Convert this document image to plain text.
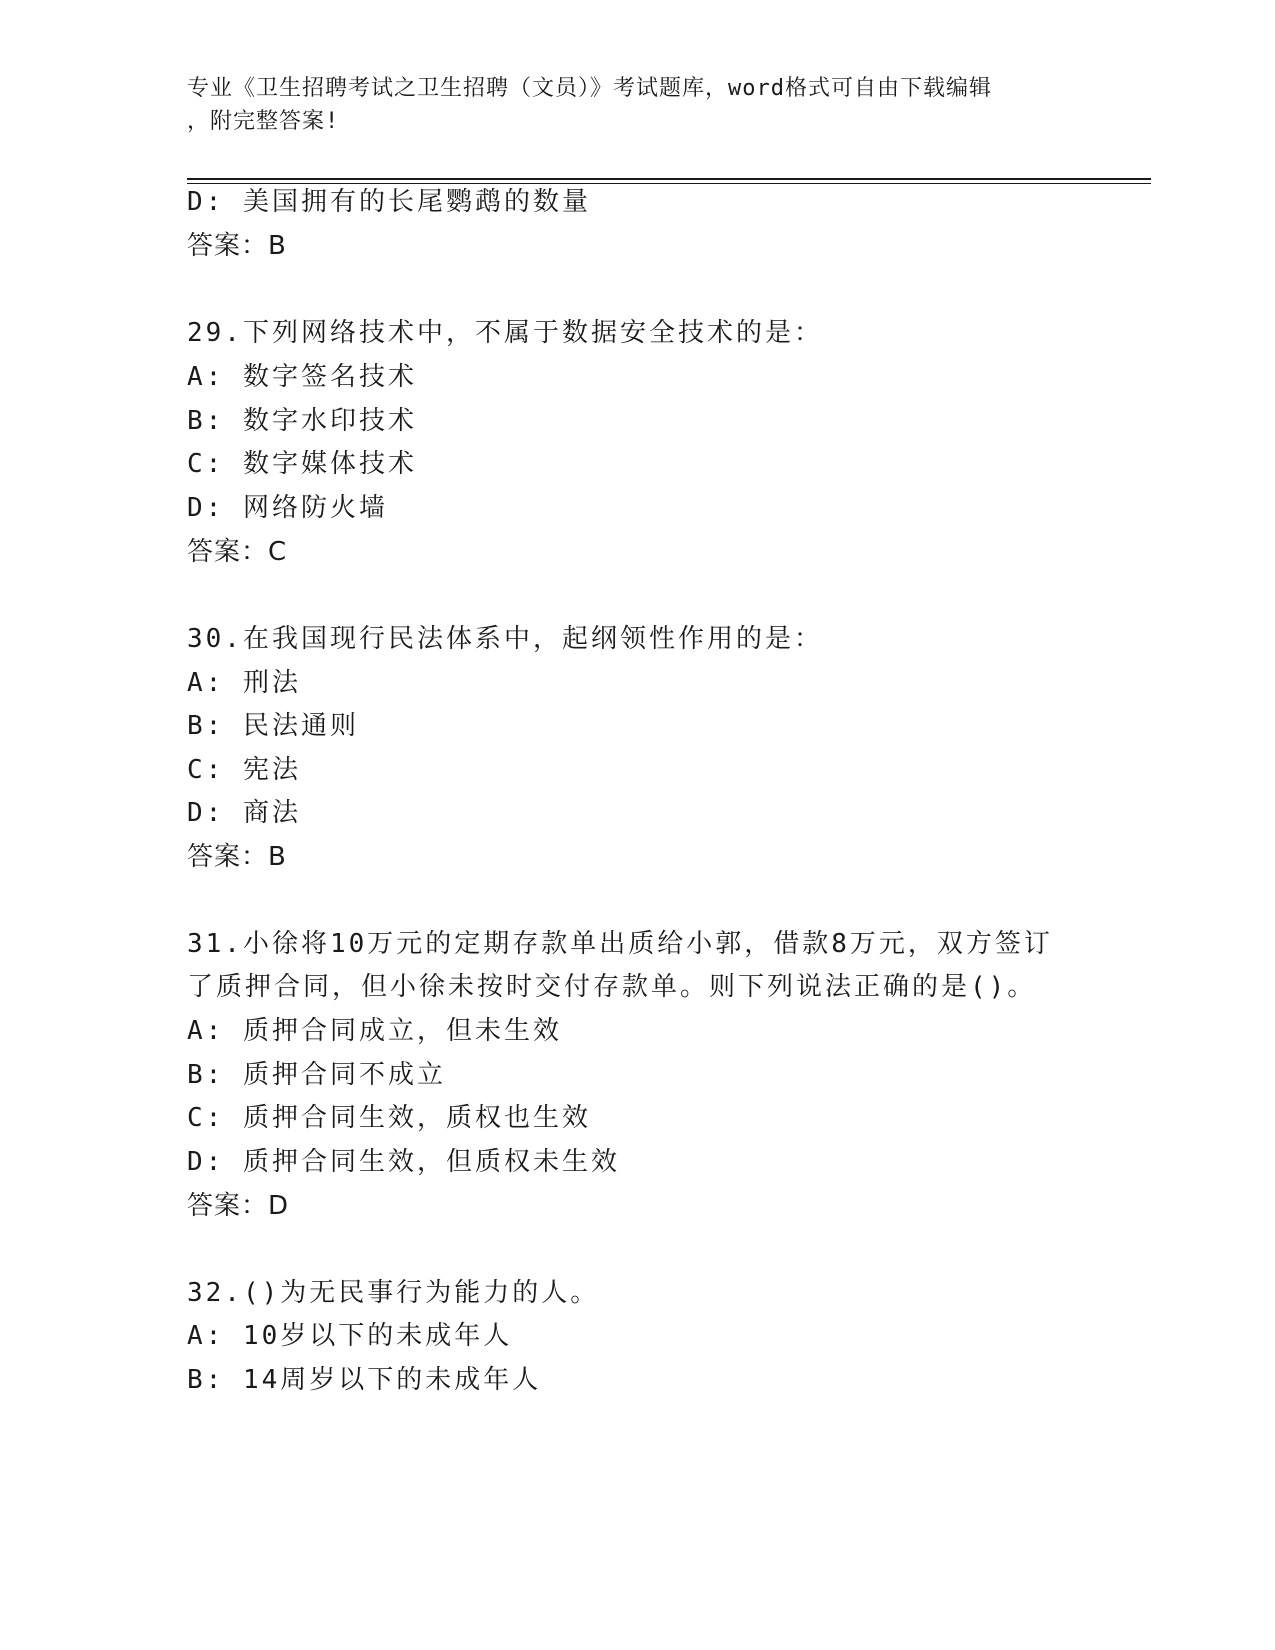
专业《卫生招聘考试之卫生招聘（文员）》考试题库，word格式可自由下载编辑
，附完整答案!
D: 美国拥有的长尾鹦鹉的数量
答案：B
29.下列网络技术中，不属于数据安全技术的是：
A: 数字签名技术
B: 数字水印技术
C: 数字媒体技术
D: 网络防火墙
答案：C
30.在我国现行民法体系中，起纲领性作用的是：
A: 刑法
B: 民法通则
C: 宪法
D: 商法
答案：B
31.小徐将10万元的定期存款单出质给小郭，借款8万元，双方签订
了质押合同，但小徐未按时交付存款单。则下列说法正确的是()。
A: 质押合同成立，但未生效
B: 质押合同不成立
C: 质押合同生效，质权也生效
D: 质押合同生效，但质权未生效
答案：D
32.()为无民事行为能力的人。
A: 10岁以下的未成年人
B: 14周岁以下的未成年人
